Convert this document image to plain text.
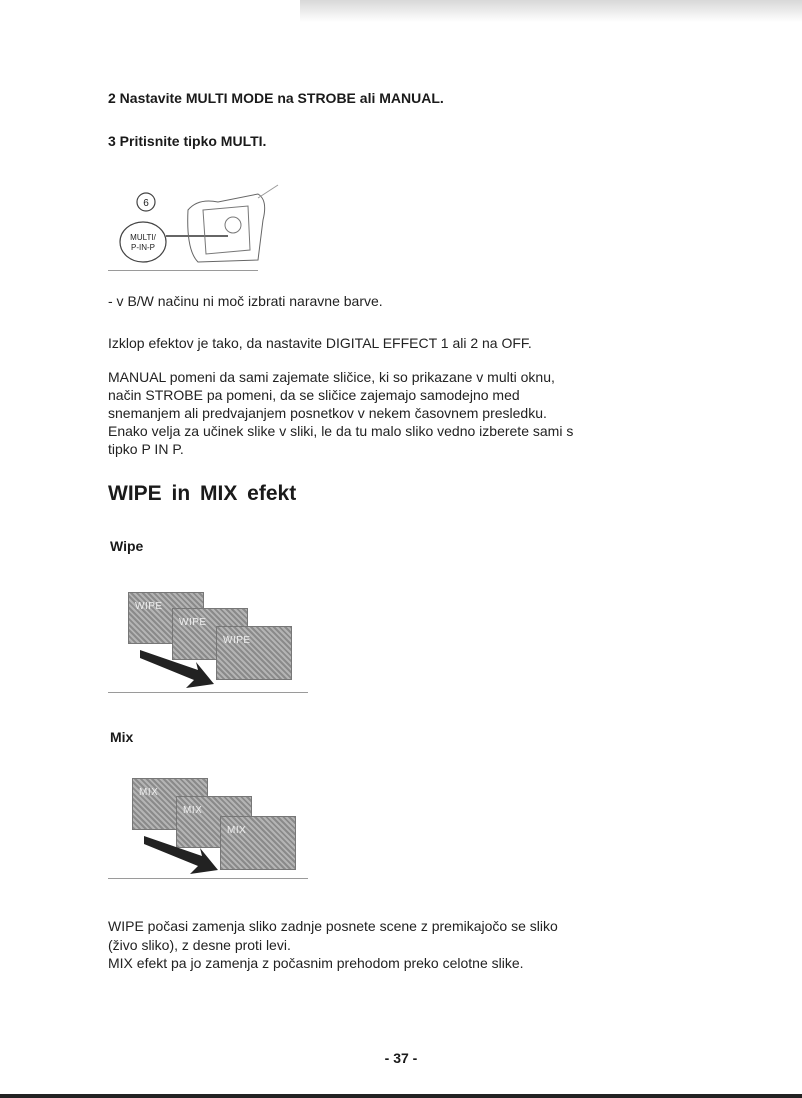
2 Nastavite MULTI MODE na STROBE ali MANUAL.
3 Pritisnite tipko MULTI.
6
MULTI/
P-IN-P
- v B/W načinu ni moč izbrati naravne barve.
Izklop efektov je tako, da nastavite DIGITAL EFFECT 1 ali 2 na OFF.
MANUAL pomeni da sami zajemate sličice, ki so prikazane v multi oknu,
način STROBE pa pomeni, da se sličice zajemajo samodejno med
snemanjem ali predvajanjem posnetkov v nekem časovnem presledku.
Enako velja za učinek slike v sliki, le da tu malo sliko vedno izberete sami s
tipko P IN P.
WIPE in MIX efekt
Wipe
WIPE
WIPE
WIPE
Mix
MIX
MIX
MIX
WIPE počasi zamenja sliko zadnje posnete scene z premikajočo se sliko
(živo sliko), z desne proti levi.
MIX efekt pa jo zamenja z počasnim prehodom preko celotne slike.
- 37 -
